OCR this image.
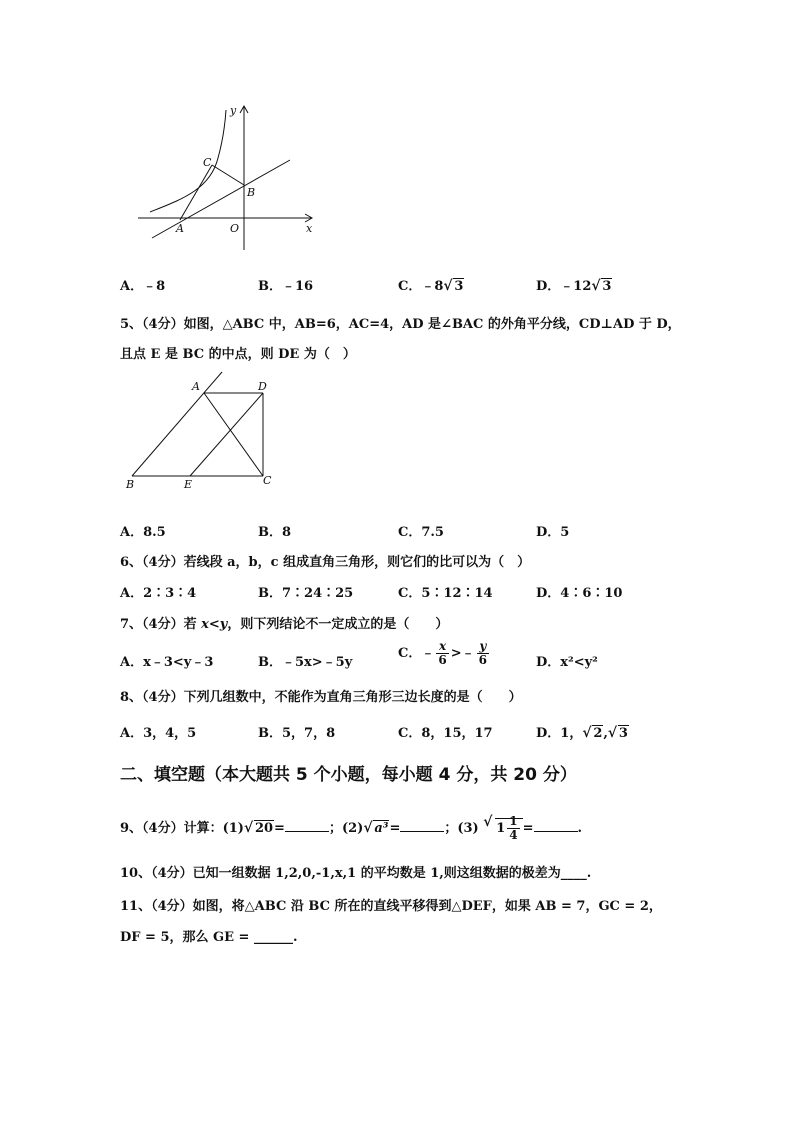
y
x
C
B
A	O
A．﹣8	B．﹣16	C．﹣8 √ 3	D．﹣12 √ 3
5、（4分）如图，△ABC 中，AB=6，AC=4，AD 是∠BAC 的外角平分线，CD⊥AD 于 D，
且点 E 是 BC 的中点，则 DE 为（　）
A	D
B	E	C
A．8.5	B．8	C．7.5	D．5
6、（4分）若线段 a，b，c 组成直角三角形，则它们的比可以为（　）
A．2∶3∶4	B．7∶24∶25	C．5∶12∶14	D．4∶6∶10
7、（4分）若 x<y，则下列结论不一定成立的是（　　）
A．x﹣3<y﹣3	B．﹣5x>﹣5y
C．﹣ $\frac{x}{6}$ >﹣ $\frac{y}{6}$	D．x²<y²
8、（4分）下列几组数中，不能作为直角三角形三边长度的是（　　）
A．3，4，5	B．5，7，8	C．8，15，17	D．1， √ 2, √ 3
二、填空题（本大题共 5 个小题，每小题 4 分，共 20 分）
9、（4分）计算：(1) √ 20=	；(2) √ a³=	；(3) √ $1 \frac{1}{4}$ =	.
10、（4分）已知一组数据 1,2,0,-1,x,1 的平均数是 1,则这组数据的极差为____.
11、（4分）如图，将△ABC 沿 BC 所在的直线平移得到△DEF，如果 AB = 7，GC = 2，
DF = 5，那么 GE = ______.
